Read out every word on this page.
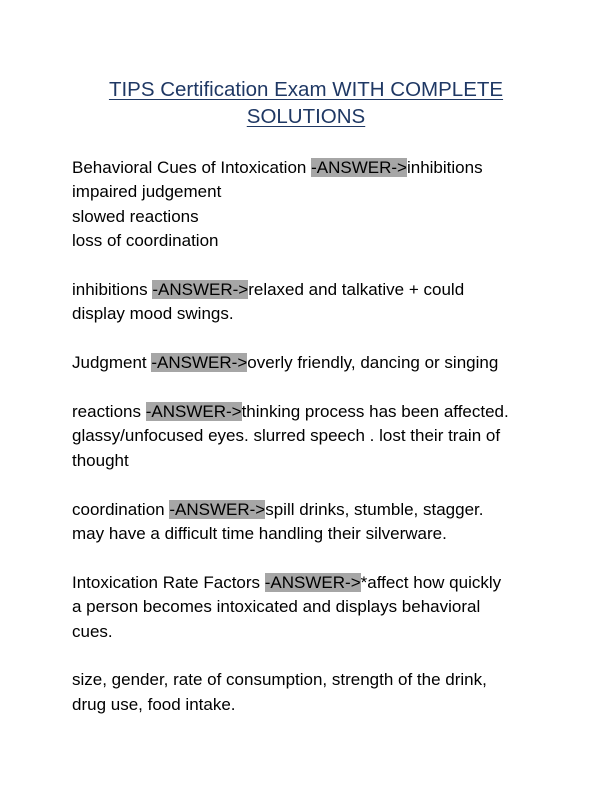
TIPS Certification Exam WITH COMPLETE
SOLUTIONS
Behavioral Cues of Intoxication -ANSWER->inhibitions
impaired judgement
slowed reactions
loss of coordination
inhibitions -ANSWER->relaxed and talkative + could
display mood swings.
Judgment -ANSWER->overly friendly, dancing or singing
reactions -ANSWER->thinking process has been affected.
glassy/unfocused eyes. slurred speech . lost their train of
thought
coordination -ANSWER->spill drinks, stumble, stagger.
may have a difficult time handling their silverware.
Intoxication Rate Factors -ANSWER->*affect how quickly
a person becomes intoxicated and displays behavioral
cues.
size, gender, rate of consumption, strength of the drink,
drug use, food intake.
